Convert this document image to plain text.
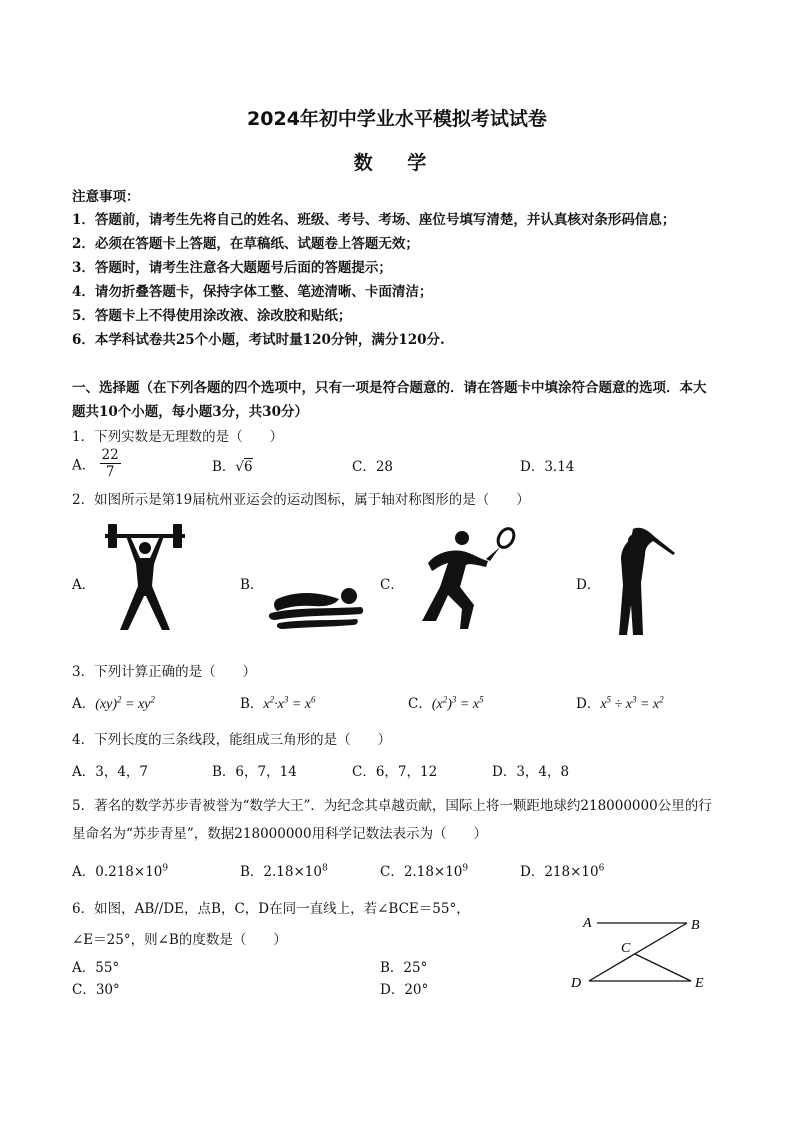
2024年初中学业水平模拟考试试卷
数 学
注意事项：
1．答题前，请考生先将自己的姓名、班级、考号、考场、座位号填写清楚，并认真核对条形码信息；
2．必须在答题卡上答题，在草稿纸、试题卷上答题无效；
3．答题时，请考生注意各大题题号后面的答题提示；
4．请勿折叠答题卡，保持字体工整、笔迹清晰、卡面清洁；
5．答题卡上不得使用涂改液、涂改胶和贴纸；
6．本学科试卷共25个小题，考试时量120分钟，满分120分.
一、选择题（在下列各题的四个选项中，只有一项是符合题意的．请在答题卡中填涂符合题意的选项．本大
题共10个小题，每小题3分，共30分）
1．下列实数是无理数的是（　　）
A． $\frac{22}{7}$	B．√6	C．28	D．3.14
2．如图所示是第19届杭州亚运会的运动图标，属于轴对称图形的是（　　）
A．	B．	C．	D．
3．下列计算正确的是（　　）
A．$(xy)^2 = xy^2$	B．$x^2\cdot x^3 = x^6$	C．$(x^2)^3 = x^5$	D．$x^5 \div x^3 = x^2$
4．下列长度的三条线段，能组成三角形的是（　　）
A．3，4，7	B．6，7，14	C．6，7，12	D．3，4，8
5．著名的数学苏步青被誉为“数学大王”．为纪念其卓越贡献，国际上将一颗距地球约218000000公里的行
星命名为“苏步青星”，数据218000000用科学记数法表示为（　　）
A．$0.218\times 10^9$	B．$2.18\times 10^8$	C．$2.18\times 10^9$	D．$218\times 10^6$
6．如图，AB//DE，点B，C，D在同一直线上，若∠BCE＝55°，
∠E＝25°，则∠B的度数是（　　）
A．55°	B．25°
C．30°	D．20°
A	B
C
D	E
